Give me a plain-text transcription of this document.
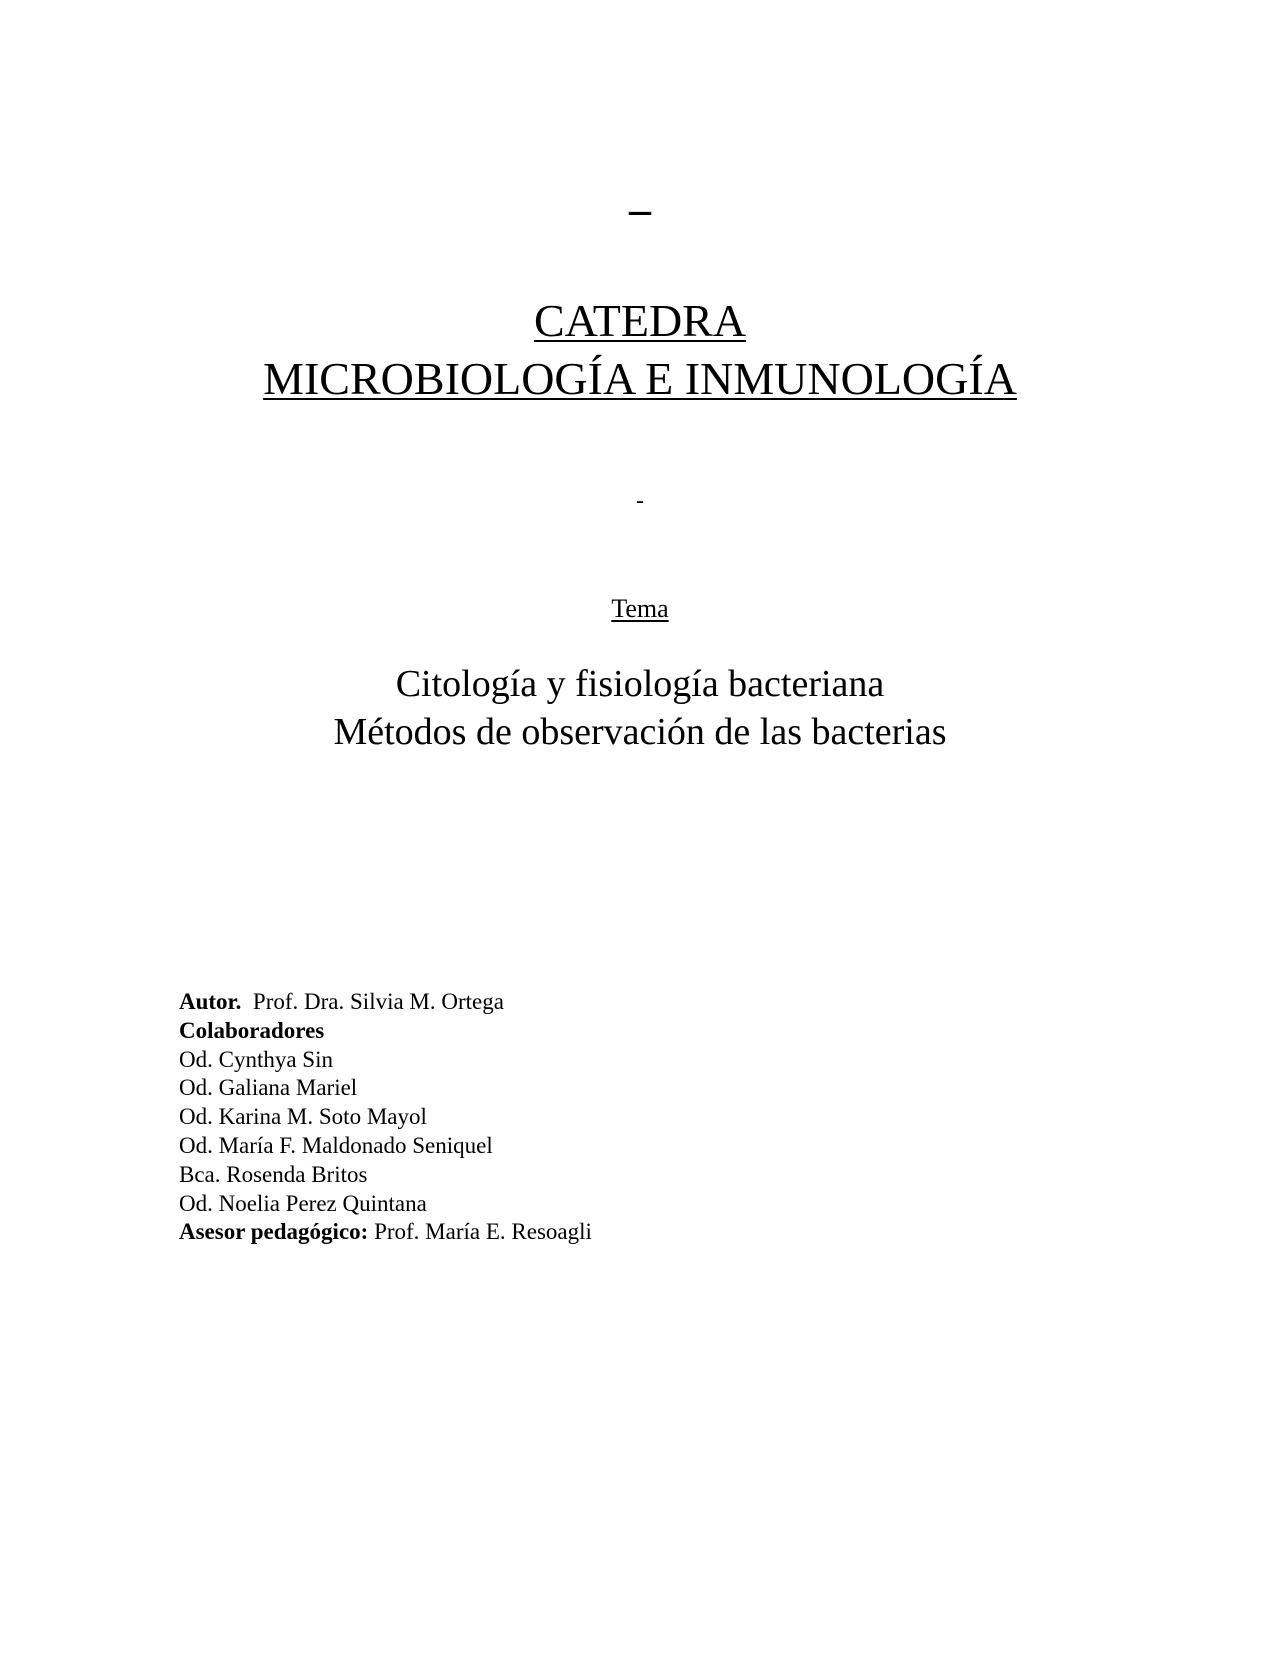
–
CATEDRA
MICROBIOLOGÍA E INMUNOLOGÍA
-
Tema
Citología y fisiología bacteriana
Métodos de observación de las bacterias
Autor. Prof. Dra. Silvia M. Ortega
Colaboradores
Od. Cynthya Sin
Od. Galiana Mariel
Od. Karina M. Soto Mayol
Od. María F. Maldonado Seniquel
Bca. Rosenda Britos
Od. Noelia Perez Quintana
Asesor pedagógico: Prof. María E. Resoagli
